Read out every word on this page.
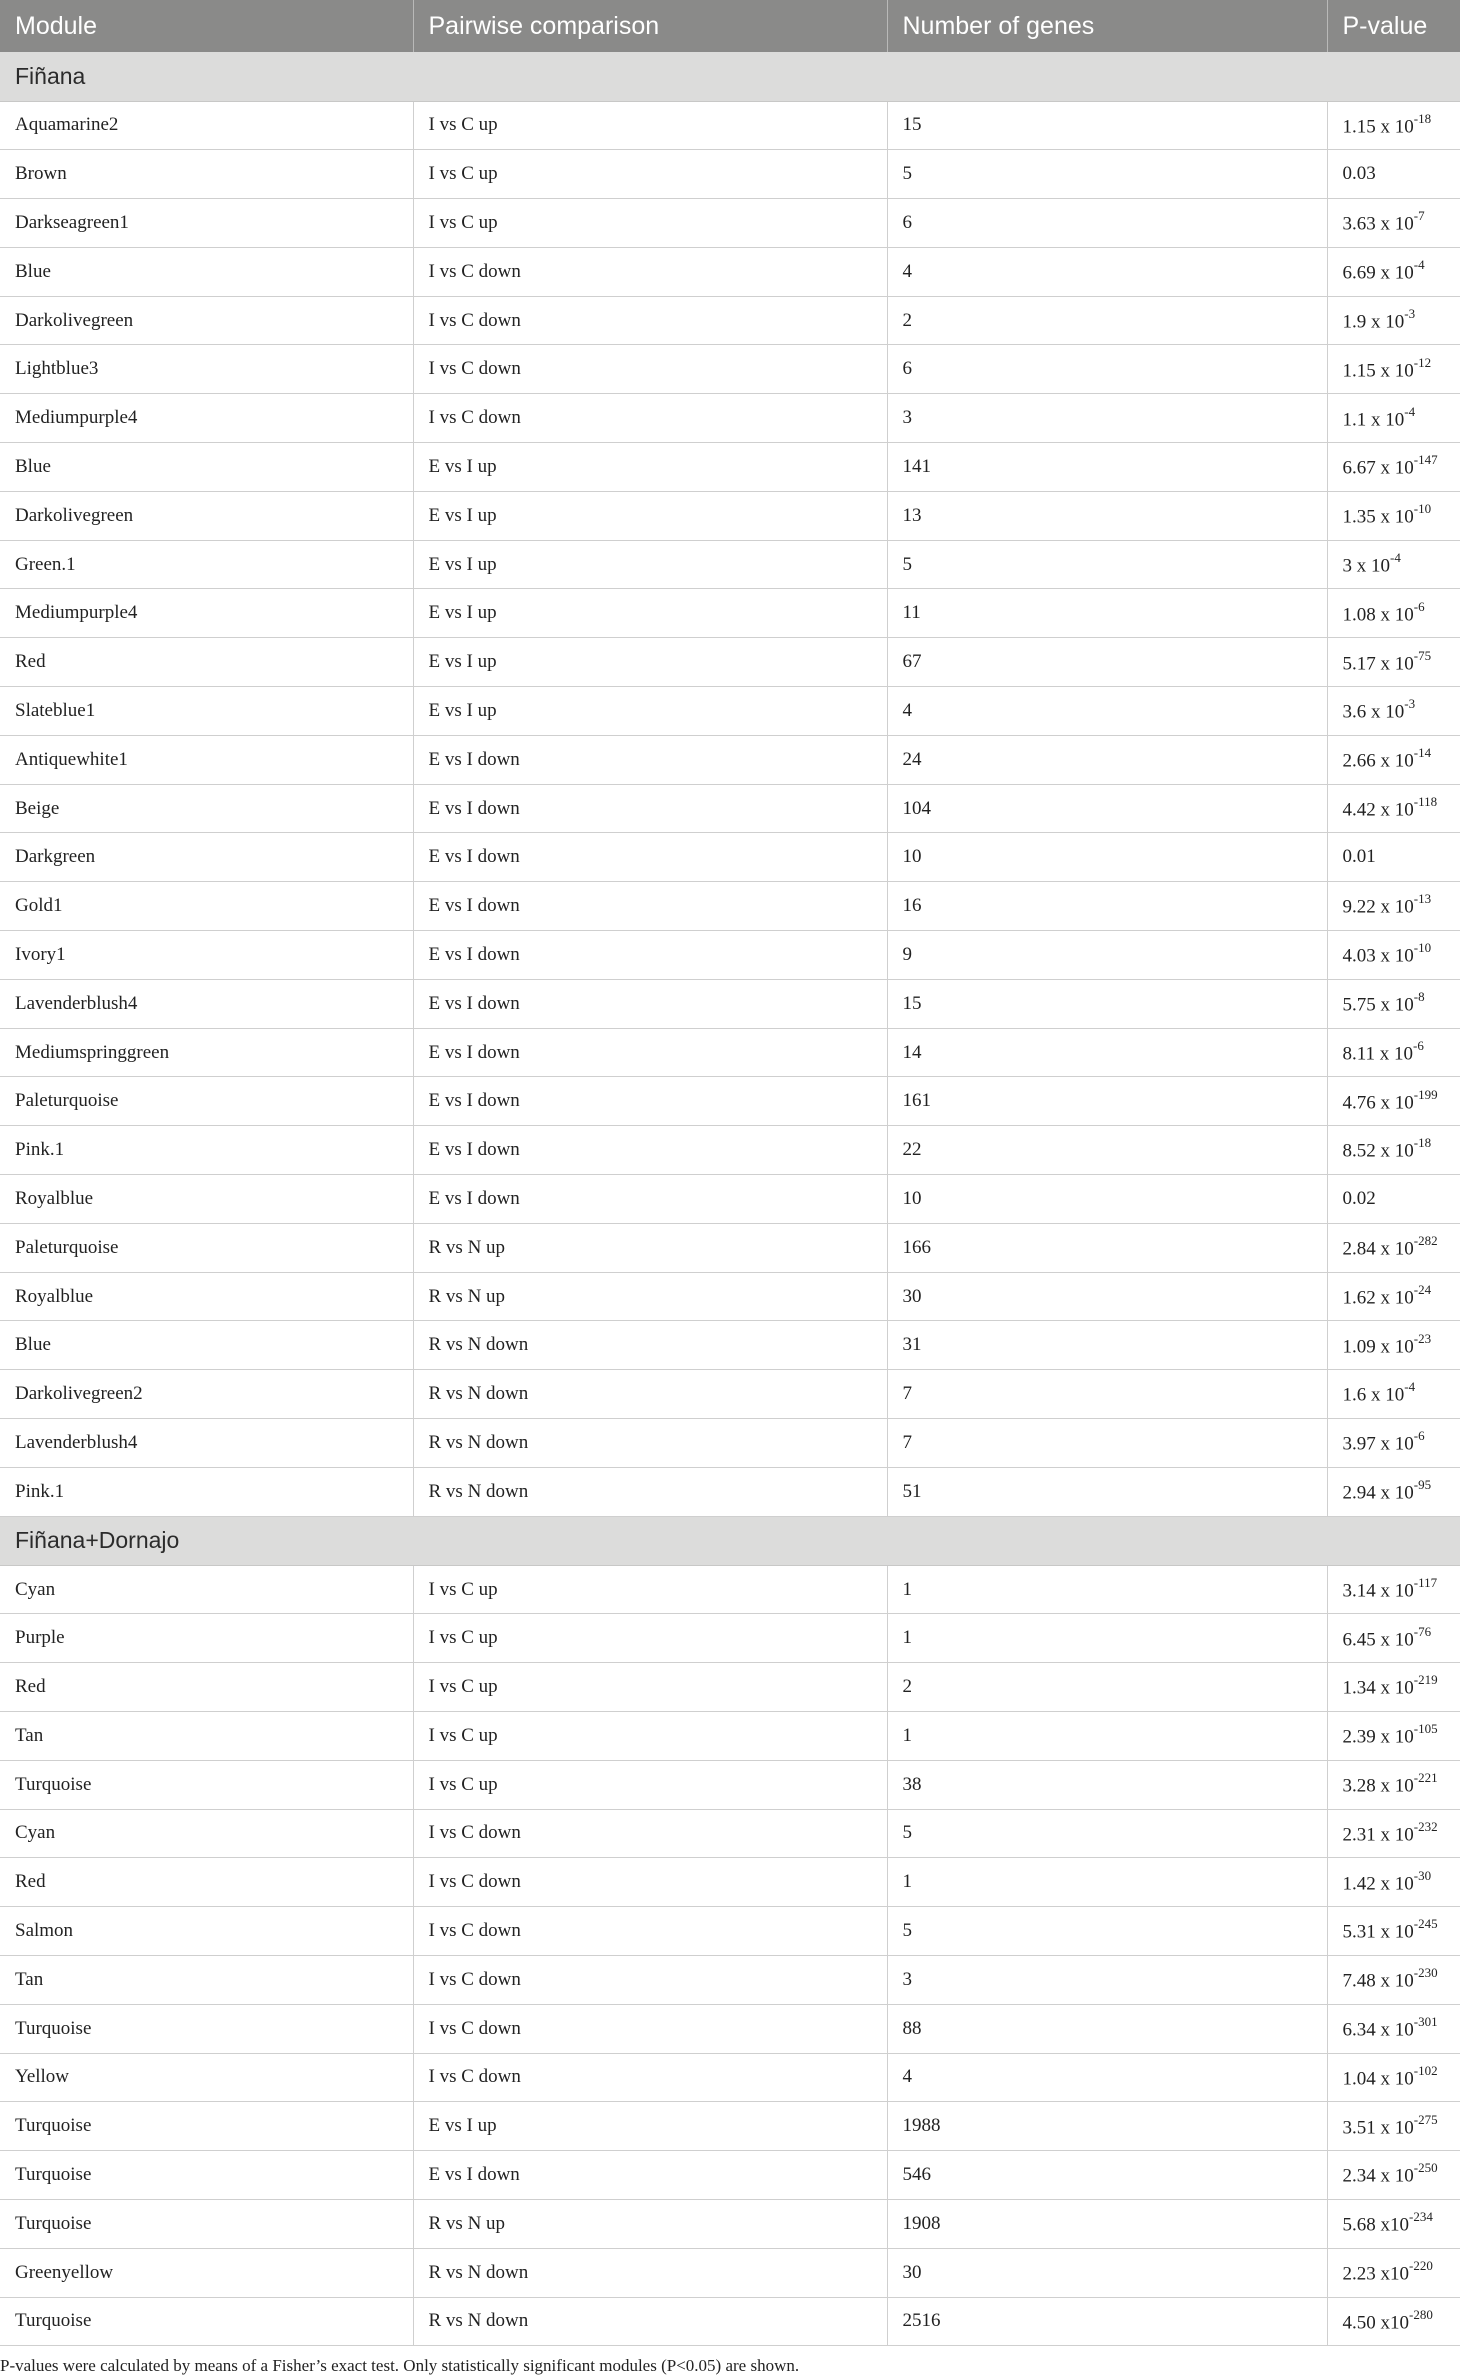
Module	Pairwise comparison	Number of genes	P-value
Fiñana			
Aquamarine2	I vs C up	15	1.15 x $10^{-18}$
Brown	I vs C up	5	0.03
Darkseagreen1	I vs C up	6	3.63 x $10^{-7}$
Blue	I vs C down	4	6.69 x $10^{-4}$
Darkolivegreen	I vs C down	2	1.9 x $10^{-3}$
Lightblue3	I vs C down	6	1.15 x $10^{-12}$
Mediumpurple4	I vs C down	3	1.1 x $10^{-4}$
Blue	E vs I up	141	6.67 x $10^{-147}$
Darkolivegreen	E vs I up	13	1.35 x $10^{-10}$
Green.1	E vs I up	5	3 x $10^{-4}$
Mediumpurple4	E vs I up	11	1.08 x $10^{-6}$
Red	E vs I up	67	5.17 x $10^{-75}$
Slateblue1	E vs I up	4	3.6 x $10^{-3}$
Antiquewhite1	E vs I down	24	2.66 x $10^{-14}$
Beige	E vs I down	104	4.42 x $10^{-118}$
Darkgreen	E vs I down	10	0.01
Gold1	E vs I down	16	9.22 x $10^{-13}$
Ivory1	E vs I down	9	4.03 x $10^{-10}$
Lavenderblush4	E vs I down	15	5.75 x $10^{-8}$
Mediumspringgreen	E vs I down	14	8.11 x $10^{-6}$
Paleturquoise	E vs I down	161	4.76 x $10^{-199}$
Pink.1	E vs I down	22	8.52 x $10^{-18}$
Royalblue	E vs I down	10	0.02
Paleturquoise	R vs N up	166	2.84 x $10^{-282}$
Royalblue	R vs N up	30	1.62 x $10^{-24}$
Blue	R vs N down	31	1.09 x $10^{-23}$
Darkolivegreen2	R vs N down	7	1.6 x $10^{-4}$
Lavenderblush4	R vs N down	7	3.97 x $10^{-6}$
Pink.1	R vs N down	51	2.94 x $10^{-95}$
Fiñana+Dornajo			
Cyan	I vs C up	1	3.14 x $10^{-117}$
Purple	I vs C up	1	6.45 x $10^{-76}$
Red	I vs C up	2	1.34 x $10^{-219}$
Tan	I vs C up	1	2.39 x $10^{-105}$
Turquoise	I vs C up	38	3.28 x $10^{-221}$
Cyan	I vs C down	5	2.31 x $10^{-232}$
Red	I vs C down	1	1.42 x $10^{-30}$
Salmon	I vs C down	5	5.31 x $10^{-245}$
Tan	I vs C down	3	7.48 x $10^{-230}$
Turquoise	I vs C down	88	6.34 x $10^{-301}$
Yellow	I vs C down	4	1.04 x $10^{-102}$
Turquoise	E vs I up	1988	3.51 x $10^{-275}$
Turquoise	E vs I down	546	2.34 x $10^{-250}$
Turquoise	R vs N up	1908	5.68 $x10^{-234}$
Greenyellow	R vs N down	30	2.23 $x10^{-220}$
Turquoise	R vs N down	2516	4.50 $x10^{-280}$
P-values were calculated by means of a Fisher’s exact test. Only statistically significant modules (P<0.05) are shown.
